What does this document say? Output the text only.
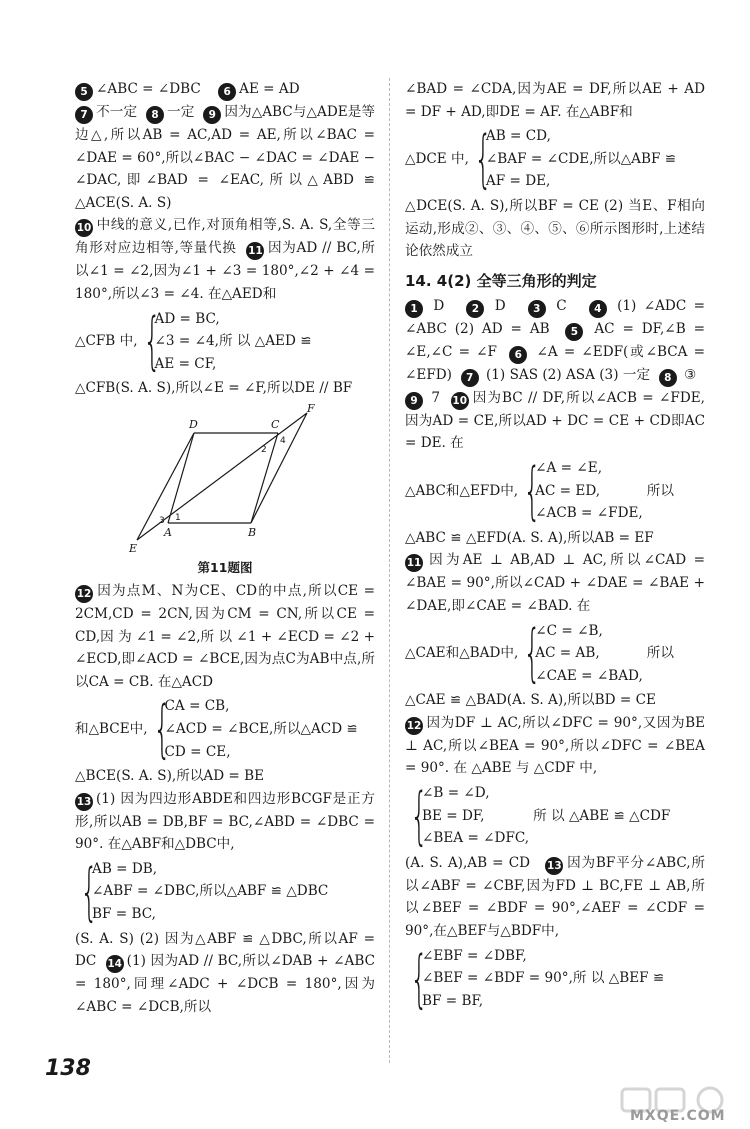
5 ∠ABC = ∠DBC 6 AE = AD

7 不一定 8 一定 9 因为△ABC与△ADE是等边△,所以AB = AC,AD = AE,所以∠BAC = ∠DAE = 60°,所以∠BAC − ∠DAC = ∠DAE − ∠DAC,即∠BAD = ∠EAC,所以△ABD ≌ △ACE(S. A. S)

10 中线的意义,已作,对顶角相等,S. A. S,全等三角形对应边相等,等量代换 11 因为AD // BC,所以∠1 = ∠2,因为∠1 + ∠3 = 180°,∠2 + ∠4 = 180°,所以∠3 = ∠4. 在△AED和

△CFB 中, {
AD = BC,
∠3 = ∠4,所 以 △AED ≌
AE = CF,

△CFB(S. A. S),所以∠E = ∠F,所以DE // BF

D	C
F
A	B
E
1
2
3
4
第11题图

12 因为点M、N为CE、CD的中点,所以CE = 2CM,CD = 2CN,因为CM = CN,所以CE = CD,因 为 ∠1 = ∠2,所 以 ∠1 + ∠ECD = ∠2 + ∠ECD,即∠ACD = ∠BCE,因为点C为AB中点,所以CA = CB. 在△ACD

和△BCE中, {
CA = CB,
∠ACD = ∠BCE,所以△ACD ≌
CD = CE,

△BCE(S. A. S),所以AD = BE

13 (1) 因为四边形ABDE和四边形BCGF是正方形,所以AB = DB,BF = BC,∠ABD = ∠DBC = 90°. 在△ABF和△DBC中,

{
AB = DB,
∠ABF = ∠DBC,所以△ABF ≌ △DBC
BF = BC,

(S. A. S) (2) 因为△ABF ≌ △DBC,所以AF = DC 14 (1) 因为AD // BC,所以∠DAB + ∠ABC = 180°,同理∠ADC + ∠DCB = 180°,因为∠ABC = ∠DCB,所以

∠BAD = ∠CDA,因为AE = DF,所以AE + AD = DF + AD,即DE = AF. 在△ABF和

△DCE 中, {
AB = CD,
∠BAF = ∠CDE,所以△ABF ≌
AF = DE,

△DCE(S. A. S),所以BF = CE (2) 当E、F相向运动,形成②、③、④、⑤、⑥所示图形时,上述结论依然成立

14. 4(2) 全等三角形的判定

1 D	2 D	3 C	4 (1) ∠ADC = ∠ABC (2) AD = AB 5 AC = DF,∠B = ∠E,∠C = ∠F 6 ∠A = ∠EDF(或∠BCA = ∠EFD) 7 (1) SAS (2) ASA (3) 一定 8 ③  9 7 10 因为BC // DF,所以∠ACB = ∠FDE,因为AD = CE,所以AD + DC = CE + CD即AC = DE. 在

△ABC和△EFD中, {
∠A = ∠E,
AC = ED,
∠ACB = ∠FDE,
所以

△ABC ≌ △EFD(A. S. A),所以AB = EF

11 因为AE ⊥ AB,AD ⊥ AC,所以∠CAD = ∠BAE = 90°,所以∠CAD + ∠DAE = ∠BAE + ∠DAE,即∠CAE = ∠BAD. 在

△CAE和△BAD中, {
∠C = ∠B,
AC = AB,
∠CAE = ∠BAD,
所以

△CAE ≌ △BAD(A. S. A),所以BD = CE

12 因为DF ⊥ AC,所以∠DFC = 90°,又因为BE ⊥ AC,所以∠BEA = 90°,所以∠DFC = ∠BEA = 90°. 在 △ABE 与 △CDF 中,

{
∠B = ∠D,
BE = DF,
∠BEA = ∠DFC,
所 以 △ABE ≌ △CDF

(A. S. A),AB = CD 13 因为BF平分∠ABC,所以∠ABF = ∠CBF,因为FD ⊥ BC,FE ⊥ AB,所以∠BEF = ∠BDF = 90°,∠AEF = ∠CDF = 90°,在△BEF与△BDF中,

{
∠EBF = ∠DBF,
∠BEF = ∠BDF = 90°,所 以 △BEF ≌
BF = BF,
138
MXQE.COM
